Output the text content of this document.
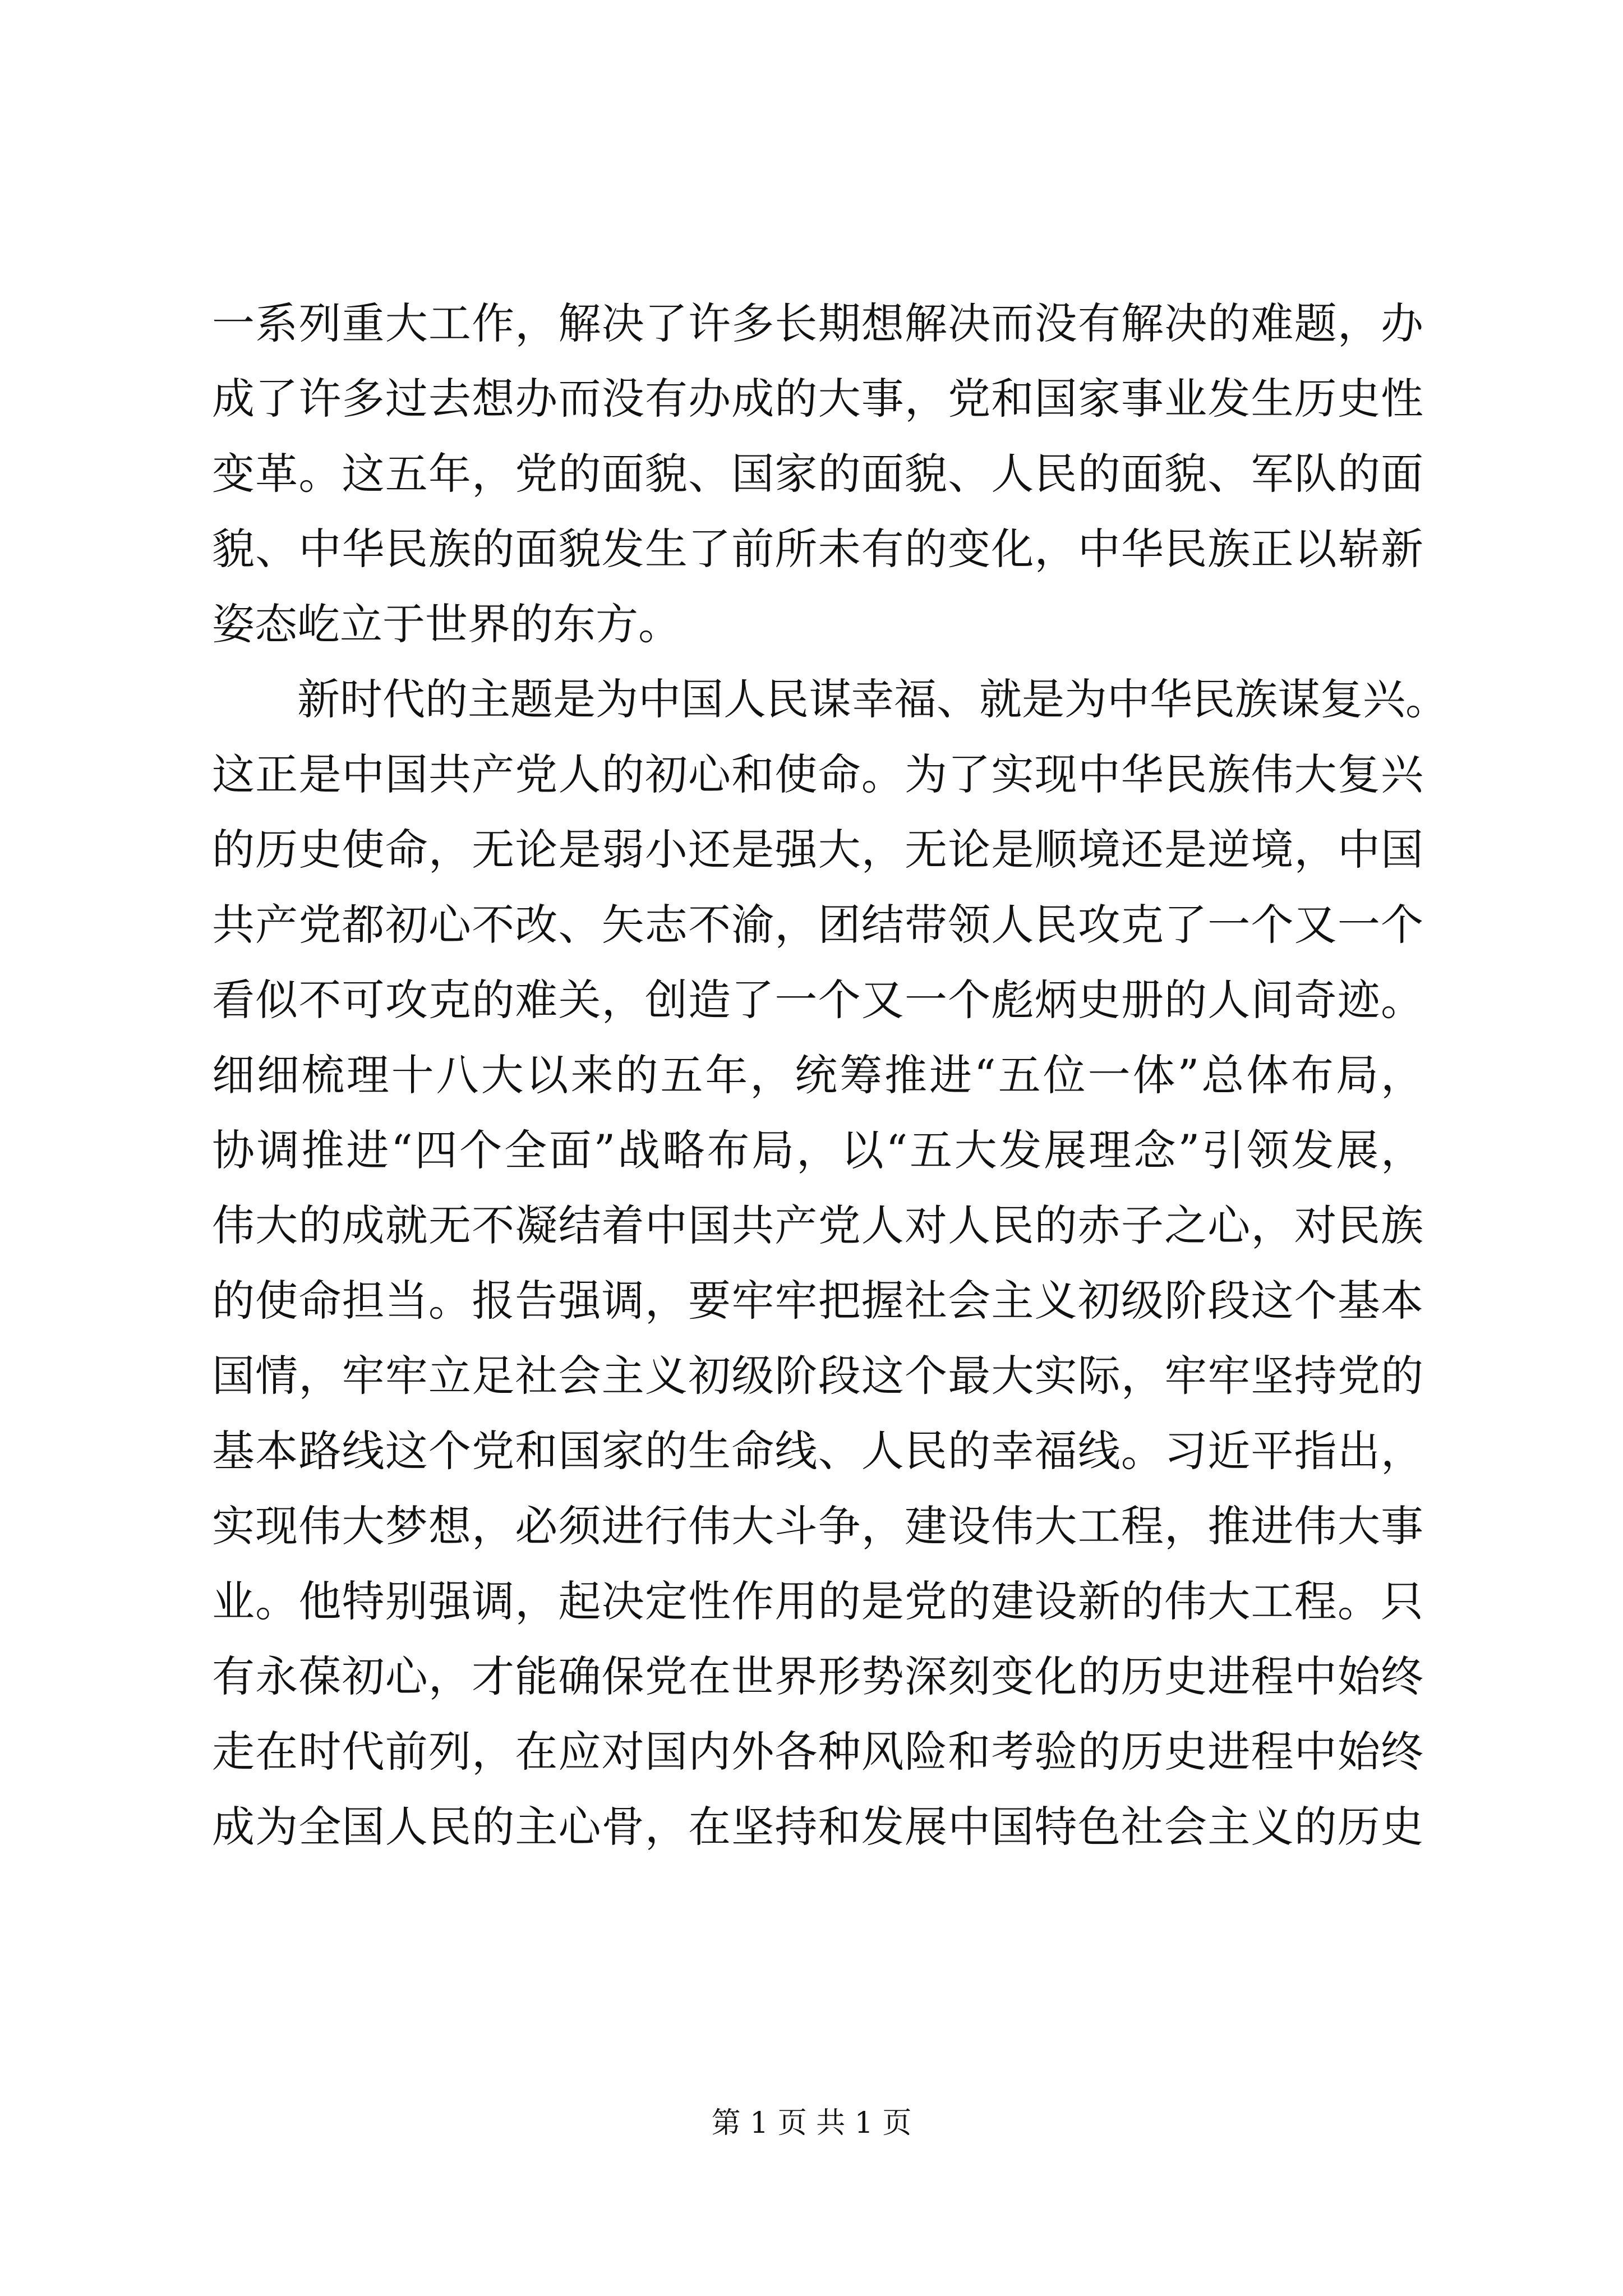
一系列重大工作，解决了许多长期想解决而没有解决的难题，办
成了许多过去想办而没有办成的大事，党和国家事业发生历史性
变革。这五年，党的面貌、国家的面貌、人民的面貌、军队的面
貌、中华民族的面貌发生了前所未有的变化，中华民族正以崭新
姿态屹立于世界的东方。
新时代的主题是为中国人民谋幸福、就是为中华民族谋复兴。
这正是中国共产党人的初心和使命。为了实现中华民族伟大复兴
的历史使命，无论是弱小还是强大，无论是顺境还是逆境，中国
共产党都初心不改、矢志不渝，团结带领人民攻克了一个又一个
看似不可攻克的难关，创造了一个又一个彪炳史册的人间奇迹。
细细梳理十八大以来的五年，统筹推进“五位一体”总体布局，
协调推进“四个全面”战略布局，以“五大发展理念”引领发展，
伟大的成就无不凝结着中国共产党人对人民的赤子之心，对民族
的使命担当。报告强调，要牢牢把握社会主义初级阶段这个基本
国情，牢牢立足社会主义初级阶段这个最大实际，牢牢坚持党的
基本路线这个党和国家的生命线、人民的幸福线。习近平指出，
实现伟大梦想，必须进行伟大斗争，建设伟大工程，推进伟大事
业。他特别强调，起决定性作用的是党的建设新的伟大工程。只
有永葆初心，才能确保党在世界形势深刻变化的历史进程中始终
走在时代前列，在应对国内外各种风险和考验的历史进程中始终
成为全国人民的主心骨，在坚持和发展中国特色社会主义的历史
第 1 页 共 1 页
